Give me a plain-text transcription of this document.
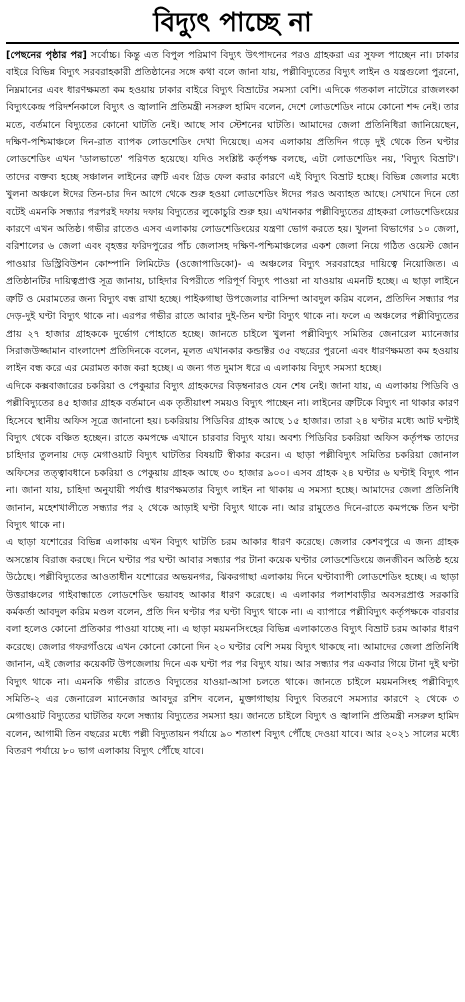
বিদ্যুৎ পাচ্ছে না

[পেছনের পৃষ্ঠার পর] সর্বোচ্চ। কিন্তু এত বিপুল পরিমাণ বিদ্যুৎ উৎপাদনের পরও গ্রাহকরা এর সুফল পাচ্ছেন না। ঢাকার বাইরে বিভিন্ন বিদ্যুৎ সরবরাহকারী প্রতিষ্ঠানের সঙ্গে কথা বলে জানা যায়, পল্লীবিদ্যুতের বিদ্যুৎ লাইন ও যন্ত্রগুলো পুরনো, নিম্নমানের এবং ধারণক্ষমতা কম হওয়ায় ঢাকার বাইরে বিদ্যুৎ বিভ্রাটের সমস্যা বেশি। এদিকে গতকাল নাটোরে রাজলংকা বিদ্যুৎকেন্দ্র পরিদর্শনকালে বিদ্যুৎ ও জ্বালানি প্রতিমন্ত্রী নসরুল হামিদ বলেন, দেশে লোডশেডিং নামে কোনো শব্দ নেই। তার মতে, বর্তমানে বিদ্যুতের কোনো ঘাটতি নেই। আছে সাব স্টেশনের ঘাটতি। আমাদের জেলা প্রতিনিধিরা জানিয়েছেন, দক্ষিণ-পশ্চিমাঞ্চলে দিন-রাত ব্যাপক লোডশেডিং দেখা দিয়েছে। এসব এলাকায় প্রতিদিন গড়ে দুই থেকে তিন ঘণ্টার লোডশেডিং এখন 'ডালভাতে' পরিণত হয়েছে। যদিও সংশ্লিষ্ট কর্তৃপক্ষ বলছে, এটা লোডশেডিং নয়, 'বিদ্যুৎ বিভ্রাট'। তাদের বক্তব্য হচ্ছে সঞ্চালন লাইনের ত্রুটি এবং গ্রিড ফেল করার কারণে এই বিদ্যুৎ বিভ্রাট হচ্ছে। বিভিন্ন জেলার মধ্যে খুলনা অঞ্চলে ঈদের তিন-চার দিন আগে থেকে শুরু হওয়া লোডশেডিং ঈদের পরও অব্যাহত আছে। সেখানে দিনে তো বটেই এমনকি সন্ধ্যার পরপরই দফায় দফায় বিদ্যুতের লুকোচুরি শুরু হয়। এখানকার পল্লীবিদ্যুতের গ্রাহকরা লোডশেডিংয়ের কারণে এখন অতিষ্ঠ। গভীর রাতেও এসব এলাকায় লোডশেডিংয়ের যন্ত্রণা ভোগ করতে হয়। খুলনা বিভাগের ১০ জেলা, বরিশালের ৬ জেলা এবং বৃহত্তর ফরিদপুরের পাঁচ জেলাসহ দক্ষিণ-পশ্চিমাঞ্চলের একশ জেলা নিয়ে গঠিত ওয়েস্ট জোন পাওয়ার ডিস্ট্রিবিউশন কোম্পানি লিমিটেড (ওজোপাডিকো)- এ অঞ্চলের বিদ্যুৎ সরবরাহের দায়িত্বে নিয়োজিত। এ প্রতিষ্ঠানটির দায়িত্বপ্রাপ্ত সূত্র জানায়, চাহিদার বিপরীতে পরিপূর্ণ বিদ্যুৎ পাওয়া না যাওয়ায় এমনটি হচ্ছে। এ ছাড়া লাইনে ত্রুটি ও মেরামতের জন্য বিদ্যুৎ বন্ধ রাখা হচ্ছে। পাইকগাছা উপজেলার বাসিন্দা আবদুল করিম বলেন, প্রতিদিন সন্ধ্যার পর দেড়-দুই ঘণ্টা বিদ্যুৎ থাকে না। এরপর গভীর রাতে আবার দুই-তিন ঘণ্টা বিদ্যুৎ থাকে না। ফলে এ অঞ্চলের পল্লীবিদ্যুতের প্রায় ২৭ হাজার গ্রাহককে দুর্ভোগ পোহাতে হচ্ছে। জানতে চাইলে খুলনা পল্লীবিদ্যুৎ সমিতির জেনারেল ম্যানেজার সিরাজউজ্জামান বাংলাদেশ প্রতিদিনকে বলেন, মূলত এখানকার কন্ডাক্টর ৩৫ বছরের পুরনো এবং ধারণক্ষমতা কম হওয়ায় লাইন বন্ধ করে এর মেরামত কাজ করা হচ্ছে। এ জন্য গত দুমাস ধরে এ এলাকায় বিদ্যুৎ সমস্যা হচ্ছে।

এদিকে কক্সবাজারের চকরিয়া ও পেকুয়ার বিদ্যুৎ গ্রাহকদের বিড়ম্বনারও যেন শেষ নেই। জানা যায়, এ এলাকায় পিডিবি ও পল্লীবিদ্যুতের ৪৫ হাজার গ্রাহক বর্তমানে এক তৃতীয়াংশ সময়ও বিদ্যুৎ পাচ্ছেন না। লাইনের ত্রুটিকে বিদ্যুৎ না থাকার কারণ হিসেবে স্থানীয় অফিস সূত্রে জানানো হয়। চকরিয়ায় পিডিবির গ্রাহক আছে ১৫ হাজার। তারা ২৪ ঘণ্টার মধ্যে আট ঘণ্টাই বিদ্যুৎ থেকে বঞ্চিত হচ্ছেন। রাতে কমপক্ষে এখানে চারবার বিদ্যুৎ যায়। অবশ্য পিডিবির চকরিয়া অফিস কর্তৃপক্ষ তাদের চাহিদার তুলনায় দেড় মেগাওয়াট বিদ্যুৎ ঘাটতির বিষয়টি স্বীকার করেন। এ ছাড়া পল্লীবিদ্যুৎ সমিতির চকরিয়া জোনাল অফিসের তত্ত্বাবধানে চকরিয়া ও পেকুয়ায় গ্রাহক আছে ৩০ হাজার ৯০০। এসব গ্রাহক ২৪ ঘণ্টার ৬ ঘণ্টাই বিদ্যুৎ পান না। জানা যায়, চাহিদা অনুযায়ী পর্যাপ্ত ধারণক্ষমতার বিদ্যুৎ লাইন না থাকায় এ সমস্যা হচ্ছে। আমাদের জেলা প্রতিনিধি জানান, মহেশখালীতে সন্ধ্যার পর ২ থেকে আড়াই ঘণ্টা বিদ্যুৎ থাকে না। আর রামুতেও দিনে-রাতে কমপক্ষে তিন ঘণ্টা বিদ্যুৎ থাকে না।

এ ছাড়া যশোরের বিভিন্ন এলাকায় এখন বিদ্যুৎ ঘাটতি চরম আকার ধারণ করেছে। জেলার কেশবপুরে এ জন্য গ্রাহক অসন্তোষ বিরাজ করছে। দিনে ঘণ্টার পর ঘণ্টা আবার সন্ধ্যার পর টানা কয়েক ঘণ্টার লোডশেডিংয়ে জনজীবন অতিষ্ঠ হয়ে উঠেছে। পল্লীবিদ্যুতের আওতাধীন যশোরের অভয়নগর, ঝিকরগাছা এলাকায় দিনে ঘণ্টাব্যাপী লোডশেডিং হচ্ছে। এ ছাড়া উত্তরাঞ্চলের গাইবান্ধাতে লোডশেডিং ভয়াবহ আকার ধারণ করেছে। এ এলাকার পলাশবাড়ীর অবসরপ্রাপ্ত সরকারি কর্মকর্তা আবদুল করিম মণ্ডল বলেন, প্রতি দিন ঘণ্টার পর ঘণ্টা বিদ্যুৎ থাকে না। এ ব্যাপারে পল্লীবিদ্যুৎ কর্তৃপক্ষকে বারবার বলা হলেও কোনো প্রতিকার পাওয়া যাচ্ছে না। এ ছাড়া ময়মনসিংহের বিভিন্ন এলাকাতেও বিদ্যুৎ বিভ্রাট চরম আকার ধারণ করেছে। জেলার গফরগাঁওয়ে এখন কোনো কোনো দিন ২০ ঘণ্টার বেশি সময় বিদ্যুৎ থাকছে না। আমাদের জেলা প্রতিনিধি জানান, এই জেলার কয়েকটি উপজেলায় দিনে এক ঘণ্টা পর পর বিদ্যুৎ যায়। আর সন্ধ্যার পর একবার গিয়ে টানা দুই ঘণ্টা বিদ্যুৎ থাকে না। এমনকি গভীর রাতেও বিদ্যুতের যাওয়া-আসা চলতে থাকে। জানতে চাইলে ময়মনসিংহ পল্লীবিদ্যুৎ সমিতি-২ এর জেনারেল ম্যানেজার আবদুর রশিদ বলেন, মুক্তাগাছায় বিদ্যুৎ বিতরণে সমস্যার কারণে ২ থেকে ৩ মেগাওয়াট বিদ্যুতের ঘাটতির ফলে সন্ধ্যায় বিদ্যুতের সমস্যা হয়। জানতে চাইলে বিদ্যুৎ ও জ্বালানি প্রতিমন্ত্রী নসরুল হামিদ বলেন, আগামী তিন বছরের মধ্যে পল্লী বিদ্যুতায়ন পর্যায়ে ৯০ শতাংশ বিদ্যুৎ পৌঁছে দেওয়া যাবে। আর ২০২১ সালের মধ্যে বিতরণ পর্যায়ে ৮০ ভাগ এলাকায় বিদ্যুৎ পৌঁছে যাবে।
